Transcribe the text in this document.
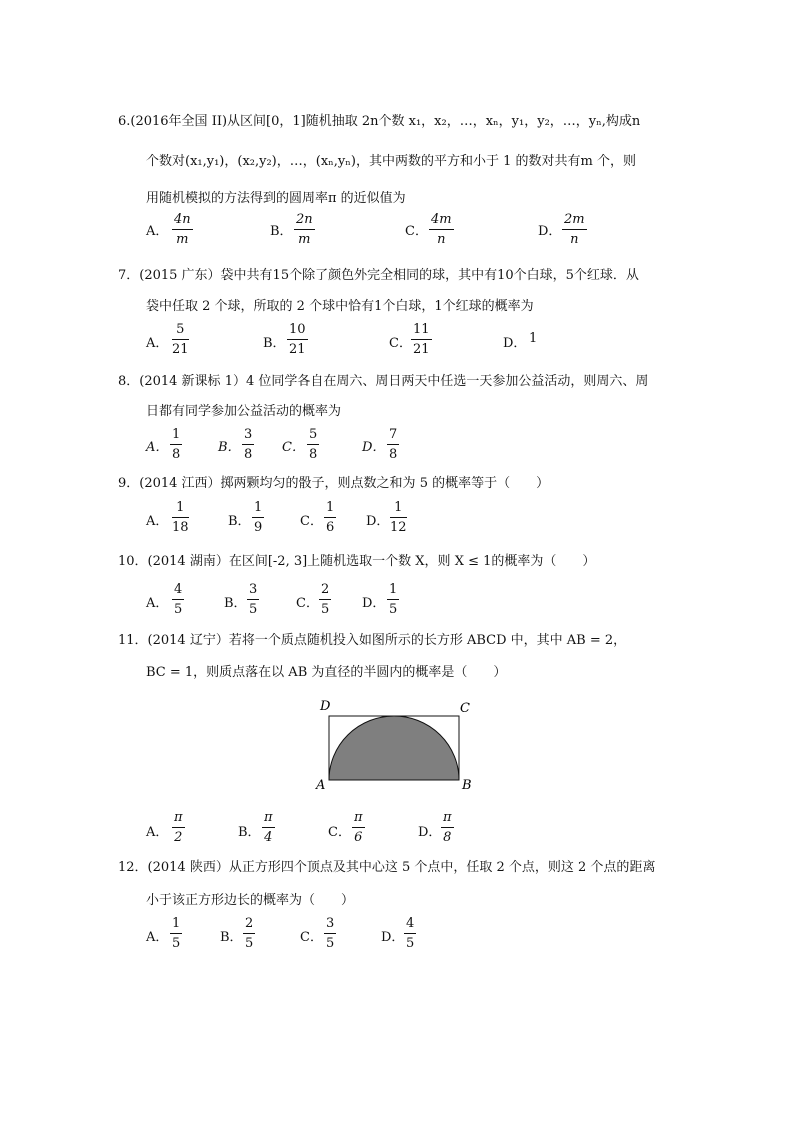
6.(2016年全国 II)从区间[0，1]随机抽取 2n个数 x₁，x₂，…，xₙ，y₁，y₂，…，yₙ,构成n
个数对(x₁,y₁)，(x₂,y₂)，…，(xₙ,yₙ)，其中两数的平方和小于 1 的数对共有m 个，则
用随机模拟的方法得到的圆周率π 的近似值为
A． $\frac{4n}{m}$	B． $\frac{2n}{m}$	C． $\frac{4m}{n}$	D． $\frac{2m}{n}$
7．(2015 广东）袋中共有15个除了颜色外完全相同的球，其中有10个白球，5个红球．从
袋中任取 2 个球，所取的 2 个球中恰有1个白球，1个红球的概率为
A． $\frac{5}{21}$	B． $\frac{10}{21}$	C． $\frac{11}{21}$	D． 1
8．(2014 新课标 1）4 位同学各自在周六、周日两天中任选一天参加公益活动，则周六、周
日都有同学参加公益活动的概率为
A． $\frac{1}{8}$	B． $\frac{3}{8}$ C． $\frac{5}{8}$	D． $\frac{7}{8}$
9．(2014 江西）掷两颗均匀的骰子，则点数之和为 5 的概率等于（　　）
A． $\frac{1}{18}$	B． $\frac{1}{9}$	C． $\frac{1}{6}$ D． $\frac{1}{12}$
10．(2014 湖南）在区间[-2, 3]上随机选取一个数 X，则 X ≤ 1的概率为（　　）
A． $\frac{4}{5}$	B． $\frac{3}{5}$	C． $\frac{2}{5}$ D． $\frac{1}{5}$
11．(2014 辽宁）若将一个质点随机投入如图所示的长方形 ABCD 中，其中 AB = 2，
BC = 1，则质点落在以 AB 为直径的半圆内的概率是（　　）
D	C
A	B
A． $\frac{\pi}{2}$	B． $\frac{\pi}{4}$	C． $\frac{\pi}{6}$	D． $\frac{\pi}{8}$
12．(2014 陕西）从正方形四个顶点及其中心这 5 个点中，任取 2 个点，则这 2 个点的距离
小于该正方形边长的概率为（　　）
A． $\frac{1}{5}$	B． $\frac{2}{5}$	C． $\frac{3}{5}$	D． $\frac{4}{5}$
